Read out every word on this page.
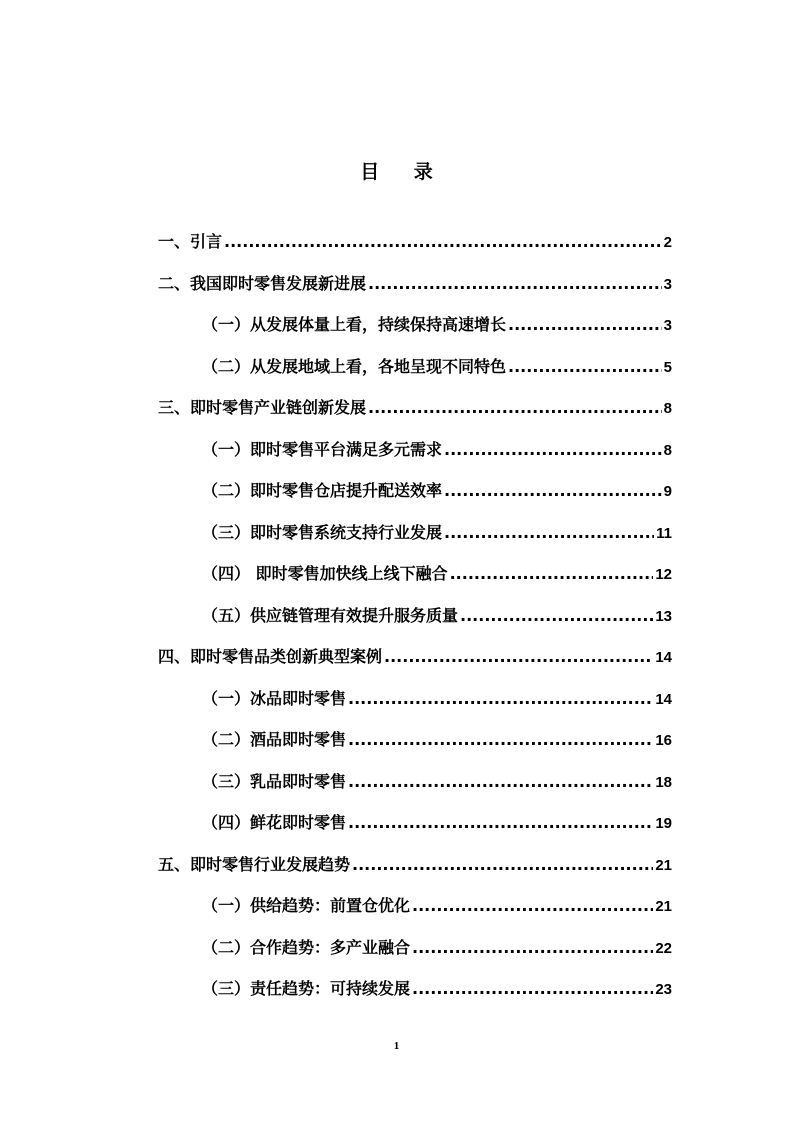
目 录
一、引言 .....	2
二、我国即时零售发展新进展 .....	3
（一）从发展体量上看，持续保持高速增长 .....	3
（二）从发展地域上看，各地呈现不同特色 .....	5
三、即时零售产业链创新发展 .....	8
（一）即时零售平台满足多元需求 .....	8
（二）即时零售仓店提升配送效率 .....	9
（三）即时零售系统支持行业发展 .....	11
（四） 即时零售加快线上线下融合 .....	12
（五）供应链管理有效提升服务质量 .....	13
四、即时零售品类创新典型案例 .....	14
（一）冰品即时零售 .....	14
（二）酒品即时零售 .....	16
（三）乳品即时零售 .....	18
（四）鲜花即时零售 .....	19
五、即时零售行业发展趋势 .....	21
（一）供给趋势：前置仓优化 .....	21
（二）合作趋势：多产业融合 .....	22
（三）责任趋势：可持续发展 .....	23
1
